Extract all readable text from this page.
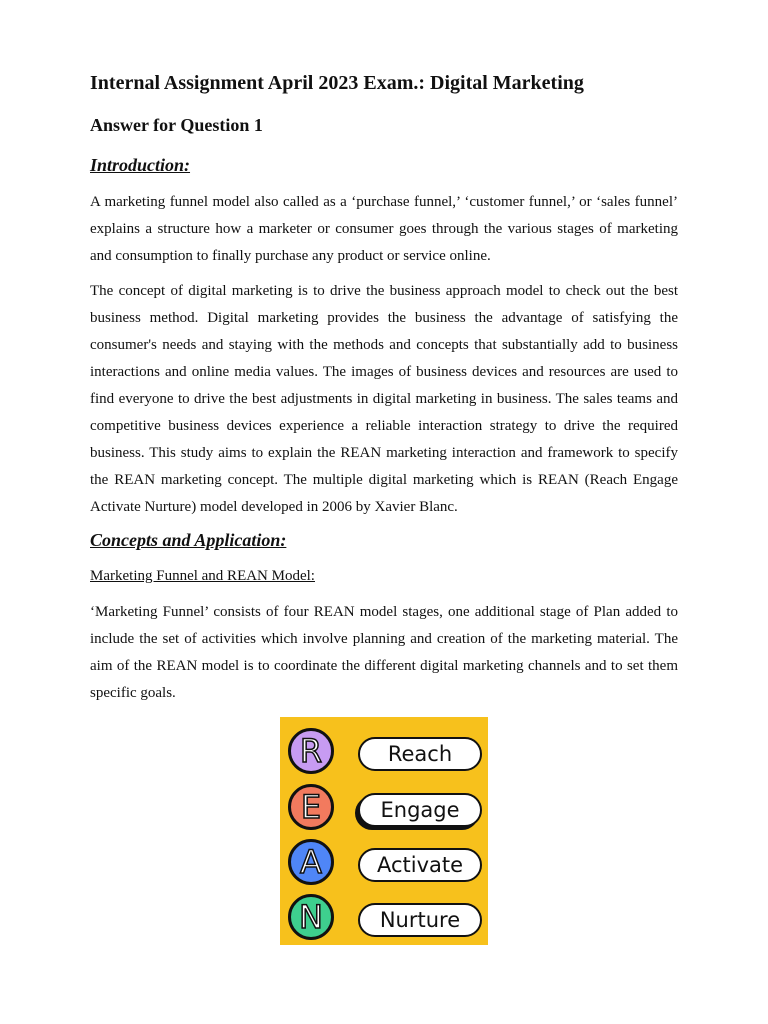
Internal Assignment April 2023 Exam.: Digital Marketing
Answer for Question 1
Introduction:
A marketing funnel model also called as a ‘purchase funnel,’ ‘customer funnel,’ or ‘sales funnel’
explains a structure how a marketer or consumer goes through the various stages of marketing
and consumption to finally purchase any product or service online.
The concept of digital marketing is to drive the business approach model to check out the best
business method. Digital marketing provides the business the advantage of satisfying the
consumer's needs and staying with the methods and concepts that substantially add to business
interactions and online media values. The images of business devices and resources are used to
find everyone to drive the best adjustments in digital marketing in business. The sales teams and
competitive business devices experience a reliable interaction strategy to drive the required
business. This study aims to explain the REAN marketing interaction and framework to specify
the REAN marketing concept. The multiple digital marketing which is REAN (Reach Engage
Activate Nurture) model developed in 2006 by Xavier Blanc.
Concepts and Application:
Marketing Funnel and REAN Model:
‘Marketing Funnel’ consists of four REAN model stages, one additional stage of Plan added to
include the set of activities which involve planning and creation of the marketing material. The
aim of the REAN model is to coordinate the different digital marketing channels and to set them
specific goals.
R	Reach
E	Engage
A	Activate
N	Nurture
